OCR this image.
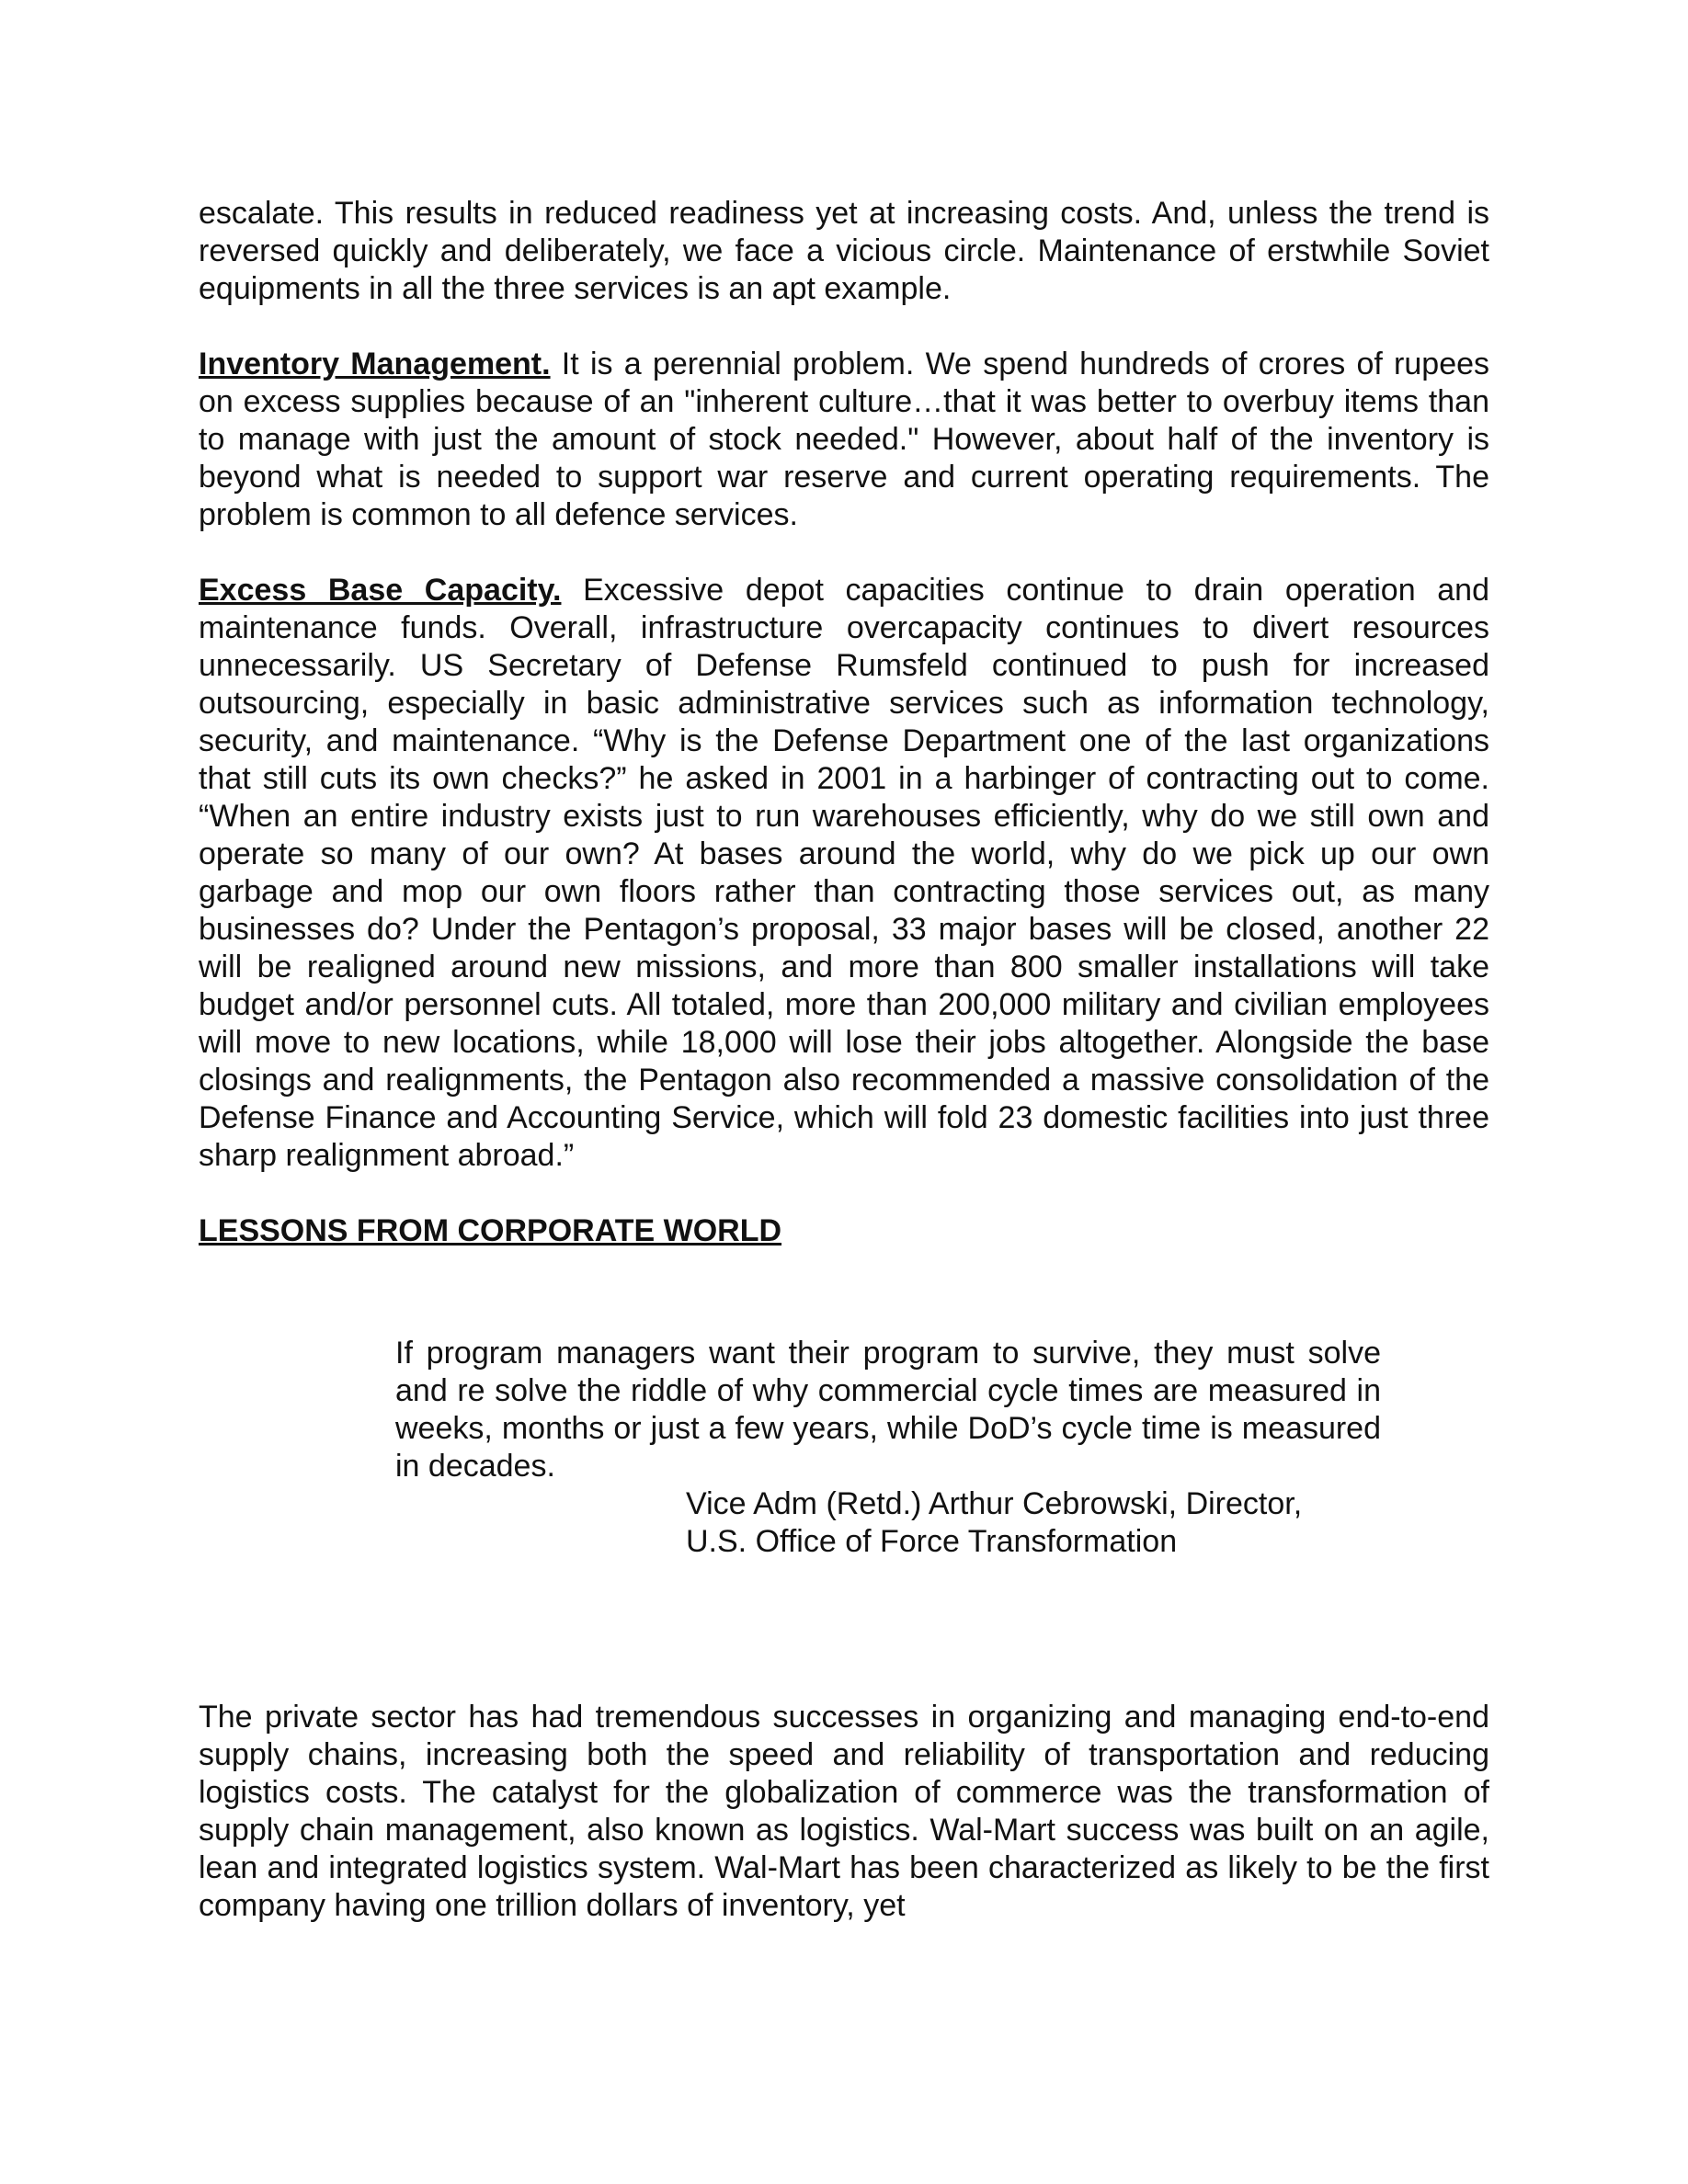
escalate. This results in reduced readiness yet at increasing costs. And, unless the trend is reversed quickly and deliberately, we face a vicious circle. Maintenance of erstwhile Soviet equipments in all the three services is an apt example.

Inventory Management. It is a perennial problem. We spend hundreds of crores of rupees on excess supplies because of an "inherent culture…that it was better to overbuy items than to manage with just the amount of stock needed." However, about half of the inventory is beyond what is needed to support war reserve and current operating requirements. The problem is common to all defence services.

Excess Base Capacity. Excessive depot capacities continue to drain operation and maintenance funds. Overall, infrastructure overcapacity continues to divert resources unnecessarily. US Secretary of Defense Rumsfeld continued to push for increased outsourcing, especially in basic administrative services such as information technology, security, and maintenance. “Why is the Defense Department one of the last organizations that still cuts its own checks?” he asked in 2001 in a harbinger of contracting out to come. “When an entire industry exists just to run warehouses efficiently, why do we still own and operate so many of our own? At bases around the world, why do we pick up our own garbage and mop our own floors rather than contracting those services out, as many businesses do? Under the Pentagon’s proposal, 33 major bases will be closed, another 22 will be realigned around new missions, and more than 800 smaller installations will take budget and/or personnel cuts. All totaled, more than 200,000 military and civilian employees will move to new locations, while 18,000 will lose their jobs altogether. Alongside the base closings and realignments, the Pentagon also recommended a massive consolidation of the Defense Finance and Accounting Service, which will fold 23 domestic facilities into just three sharp realignment abroad.”

LESSONS FROM CORPORATE WORLD

If program managers want their program to survive, they must solve and re solve the riddle of why commercial cycle times are measured in weeks, months or just a few years, while DoD’s cycle time is measured in decades.

Vice Adm (Retd.) Arthur Cebrowski, Director,
U.S. Office of Force Transformation

The private sector has had tremendous successes in organizing and managing end-to-end supply chains, increasing both the speed and reliability of transportation and reducing logistics costs. The catalyst for the globalization of commerce was the transformation of supply chain management, also known as logistics. Wal-Mart success was built on an agile, lean and integrated logistics system. Wal-Mart has been characterized as likely to be the first company having one trillion dollars of inventory, yet
